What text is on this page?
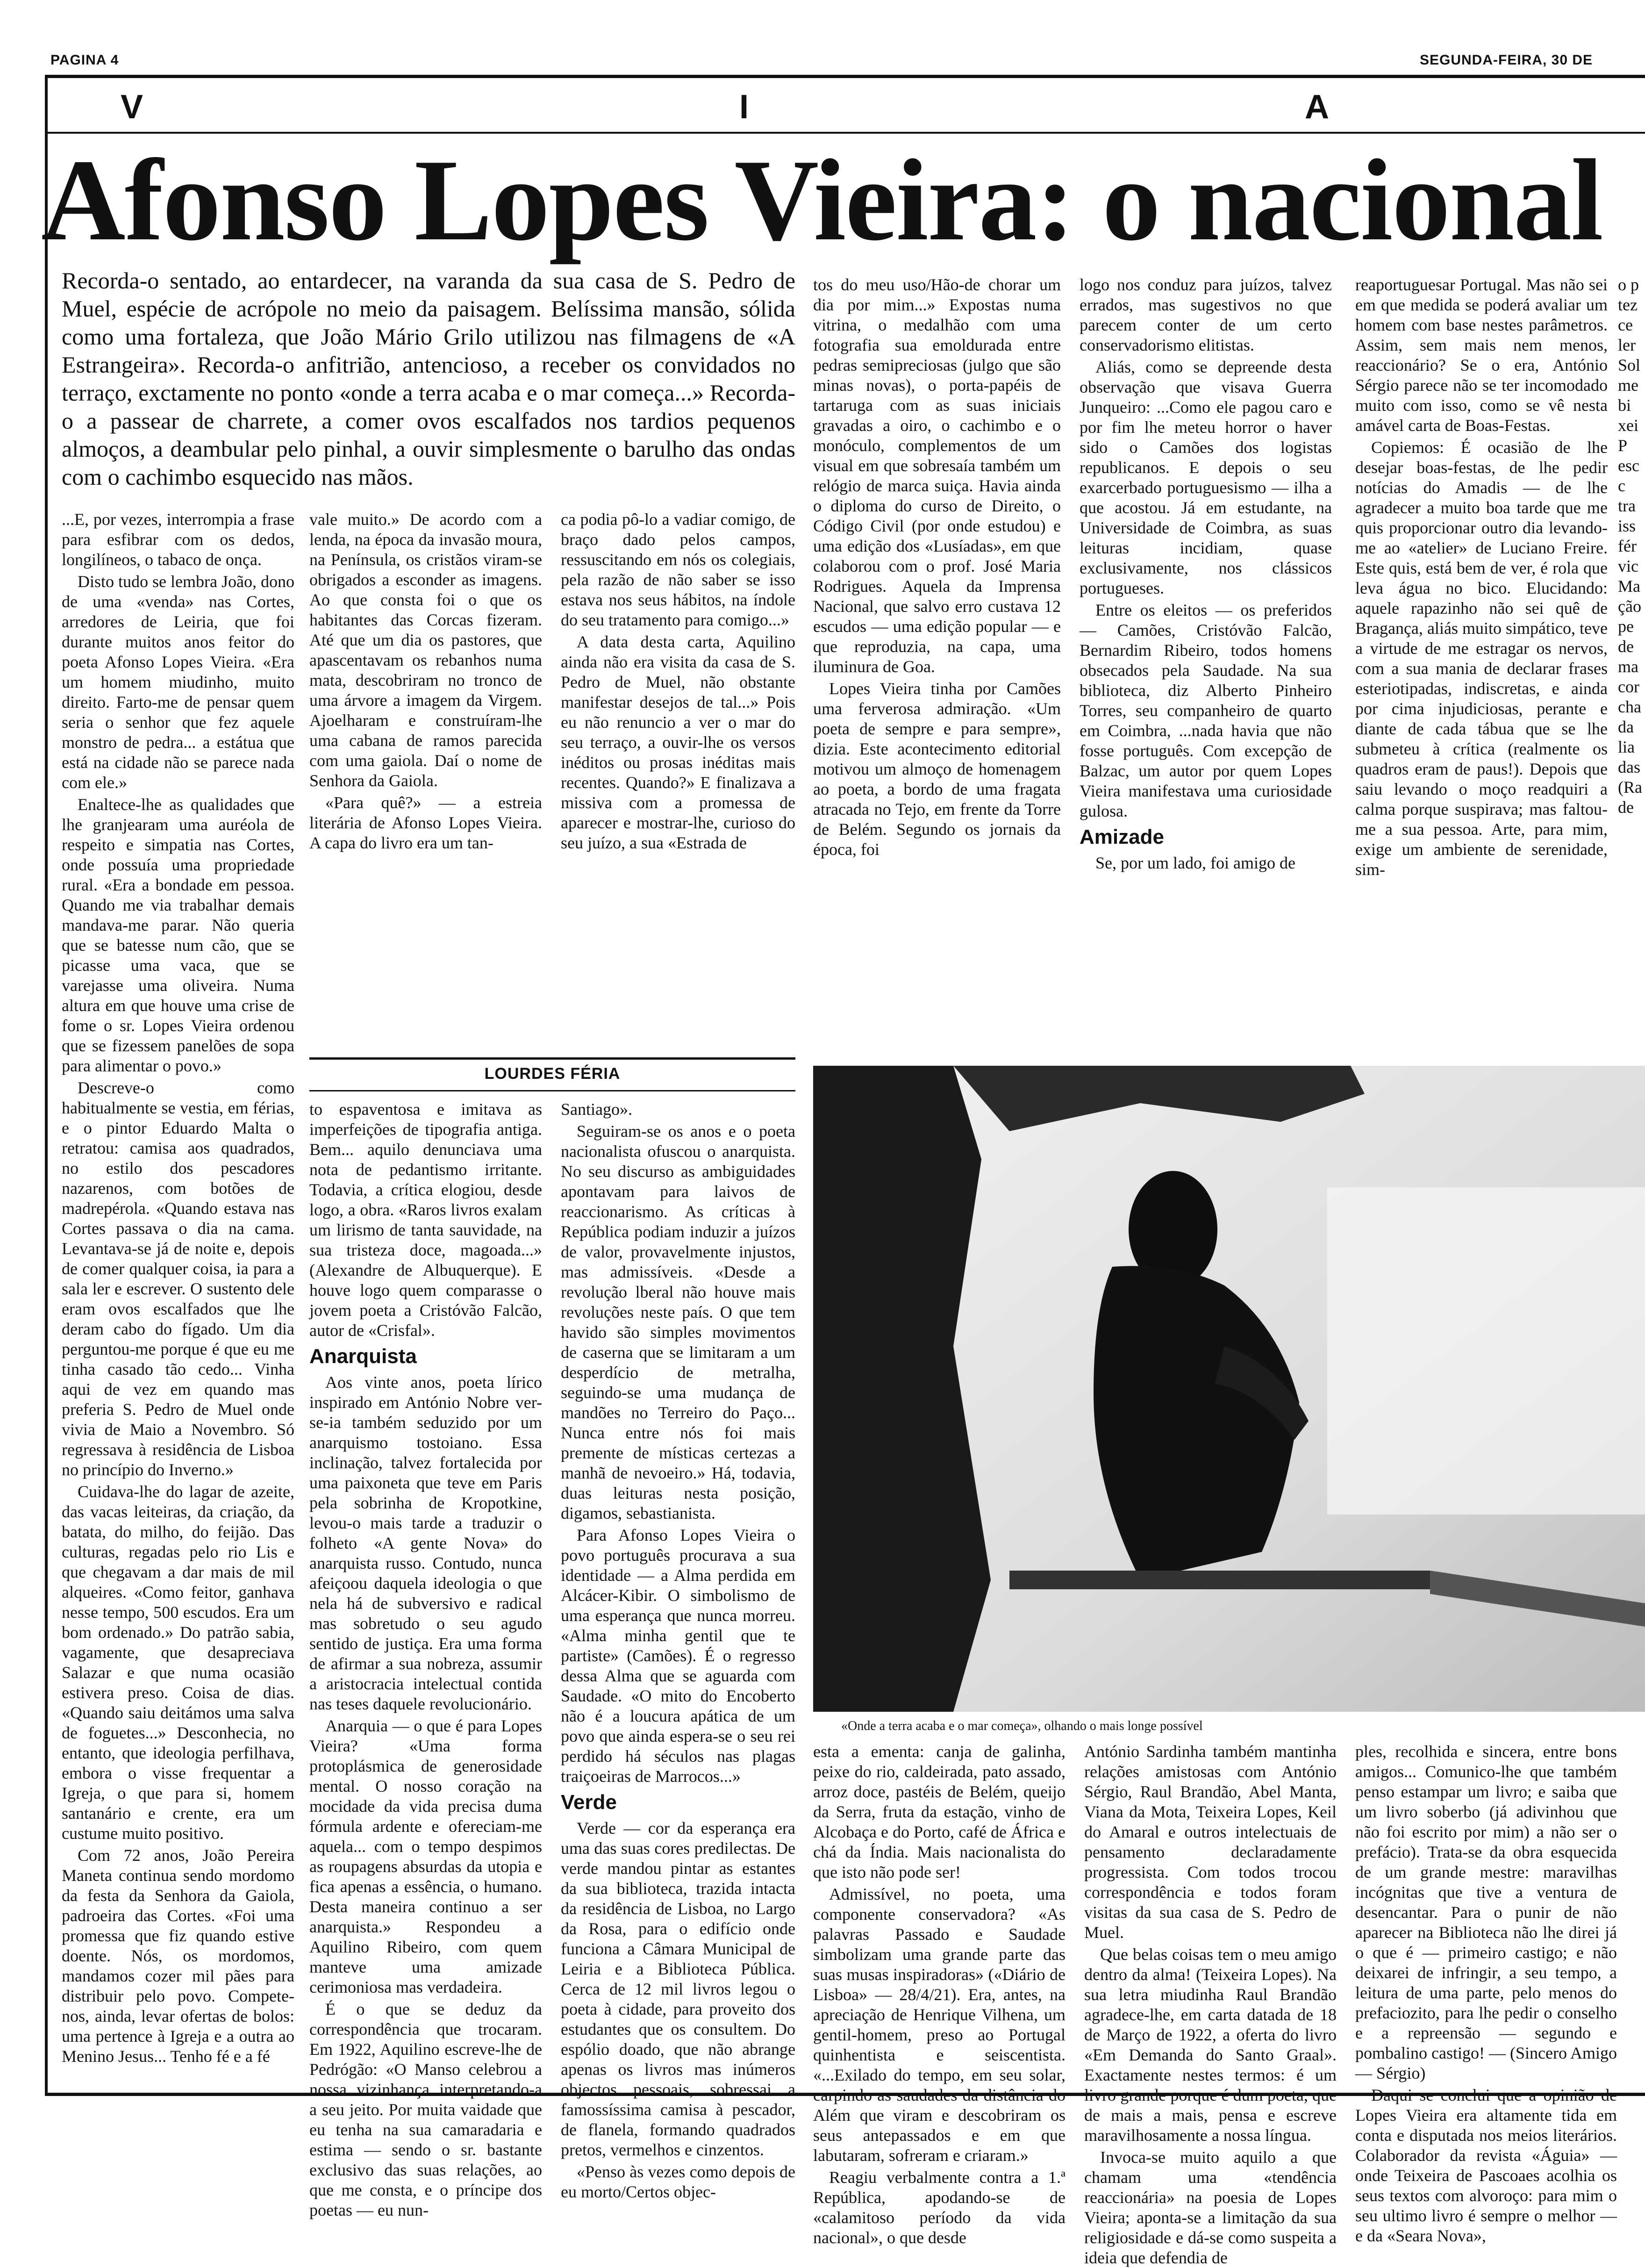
PAGINA 4	SEGUNDA-FEIRA, 30 DE
V	I	A
Afonso Lopes Vieira: o nacional
Recorda-o sentado, ao entardecer, na varanda da sua casa de S. Pedro de Muel, espécie de acrópole no meio da paisagem. Belíssima mansão, sólida como uma fortaleza, que João Mário Grilo utilizou nas filmagens de «A Estrangeira». Recorda-o anfitrião, antencioso, a receber os convidados no terraço, exctamente no ponto «onde a terra acaba e o mar começa...» Recorda-o a passear de charrete, a comer ovos escalfados nos tardios pequenos almoços, a deambular pelo pinhal, a ouvir simplesmente o barulho das ondas com o cachimbo esquecido nas mãos.
LOURDES FÉRIA

...E, por vezes, interrompia a frase para esfibrar com os dedos, longilíneos, o tabaco de onça.

Disto tudo se lembra João, dono de uma «venda» nas Cortes, arredores de Leiria, que foi durante muitos anos feitor do poeta Afonso Lopes Vieira. «Era um homem miudinho, muito direito. Farto-me de pensar quem seria o senhor que fez aquele monstro de pedra... a estátua que está na cidade não se parece nada com ele.»

Enaltece-lhe as qualidades que lhe granjearam uma auréola de respeito e simpatia nas Cortes, onde possuía uma propriedade rural. «Era a bondade em pessoa. Quando me via trabalhar demais mandava-me parar. Não queria que se batesse num cão, que se picasse uma vaca, que se varejasse uma oliveira. Numa altura em que houve uma crise de fome o sr. Lopes Vieira ordenou que se fizessem panelões de sopa para alimentar o povo.»

Descreve-o como habitualmente se vestia, em férias, e o pintor Eduardo Malta o retratou: camisa aos quadrados, no estilo dos pescadores nazarenos, com botões de madrepérola. «Quando estava nas Cortes passava o dia na cama. Levantava-se já de noite e, depois de comer qualquer coisa, ia para a sala ler e escrever. O sustento dele eram ovos escalfados que lhe deram cabo do fígado. Um dia perguntou-me porque é que eu me tinha casado tão cedo... Vinha aqui de vez em quando mas preferia S. Pedro de Muel onde vivia de Maio a Novembro. Só regressava à residência de Lisboa no princípio do Inverno.»

Cuidava-lhe do lagar de azeite, das vacas leiteiras, da criação, da batata, do milho, do feijão. Das culturas, regadas pelo rio Lis e que chegavam a dar mais de mil alqueires. «Como feitor, ganhava nesse tempo, 500 escudos. Era um bom ordenado.» Do patrão sabia, vagamente, que desapreciava Salazar e que numa ocasião estivera preso. Coisa de dias. «Quando saiu deitámos uma salva de foguetes...» Desconhecia, no entanto, que ideologia perfilhava, embora o visse frequentar a Igreja, o que para si, homem santanário e crente, era um custume muito positivo.

Com 72 anos, João Pereira Maneta continua sendo mordomo da festa da Senhora da Gaiola, padroeira das Cortes. «Foi uma promessa que fiz quando estive doente. Nós, os mordomos, mandamos cozer mil pães para distribuir pelo povo. Compete-nos, ainda, levar ofertas de bolos: uma pertence à Igreja e a outra ao Menino Jesus... Tenho fé e a fé

vale muito.» De acordo com a lenda, na época da invasão moura, na Península, os cristãos viram-se obrigados a esconder as imagens. Ao que consta foi o que os habitantes das Corcas fizeram. Até que um dia os pastores, que apascentavam os rebanhos numa mata, descobriram no tronco de uma árvore a imagem da Virgem. Ajoelharam e construíram-lhe uma cabana de ramos parecida com uma gaiola. Daí o nome de Senhora da Gaiola.

«Para quê?» — a estreia literária de Afonso Lopes Vieira. A capa do livro era um tan-

ca podia pô-lo a vadiar comigo, de braço dado pelos campos, ressuscitando em nós os colegiais, pela razão de não saber se isso estava nos seus hábitos, na índole do seu tratamento para comigo...»

A data desta carta, Aquilino ainda não era visita da casa de S. Pedro de Muel, não obstante manifestar desejos de tal...» Pois eu não renuncio a ver o mar do seu terraço, a ouvir-lhe os versos inéditos ou prosas inéditas mais recentes. Quando?» E finalizava a missiva com a promessa de aparecer e mostrar-lhe, curioso do seu juízo, a sua «Estrada de

to espaventosa e imitava as imperfeições de tipografia antiga. Bem... aquilo denunciava uma nota de pedantismo irritante. Todavia, a crítica elogiou, desde logo, a obra. «Raros livros exalam um lirismo de tanta sauvidade, na sua tristeza doce, magoada...» (Alexandre de Albuquerque). E houve logo quem comparasse o jovem poeta a Cristóvão Falcão, autor de «Crisfal».

Anarquista

Aos vinte anos, poeta lírico inspirado em António Nobre ver-se-ia também seduzido por um anarquismo tostoiano. Essa inclinação, talvez fortalecida por uma paixoneta que teve em Paris pela sobrinha de Kropotkine, levou-o mais tarde a traduzir o folheto «A gente Nova» do anarquista russo. Contudo, nunca afeiçoou daquela ideologia o que nela há de subversivo e radical mas sobretudo o seu agudo sentido de justiça. Era uma forma de afirmar a sua nobreza, assumir a aristocracia intelectual contida nas teses daquele revolucionário.

Anarquia — o que é para Lopes Vieira? «Uma forma protoplásmica de generosidade mental. O nosso coração na mocidade da vida precisa duma fórmula ardente e ofereciam-me aquela... com o tempo despimos as roupagens absurdas da utopia e fica apenas a essência, o humano. Desta maneira continuo a ser anarquista.» Respondeu a Aquilino Ribeiro, com quem manteve uma amizade cerimoniosa mas verdadeira.

É o que se deduz da correspondência que trocaram. Em 1922, Aquilino escreve-lhe de Pedrógão: «O Manso celebrou a nossa vizinhança interpretando-a a seu jeito. Por muita vaidade que eu tenha na sua camaradaria e estima — sendo o sr. bastante exclusivo das suas relações, ao que me consta, e o príncipe dos poetas — eu nun-

Santiago».

Seguiram-se os anos e o poeta nacionalista ofuscou o anarquista. No seu discurso as ambiguidades apontavam para laivos de reaccionarismo. As críticas à República podiam induzir a juízos de valor, provavelmente injustos, mas admissíveis. «Desde a revolução lberal não houve mais revoluções neste país. O que tem havido são simples movimentos de caserna que se limitaram a um desperdício de metralha, seguindo-se uma mudança de mandões no Terreiro do Paço... Nunca entre nós foi mais premente de místicas certezas a manhã de nevoeiro.» Há, todavia, duas leituras nesta posição, digamos, sebastianista.

Para Afonso Lopes Vieira o povo português procurava a sua identidade — a Alma perdida em Alcácer-Kibir. O simbolismo de uma esperança que nunca morreu. «Alma minha gentil que te partiste» (Camões). É o regresso dessa Alma que se aguarda com Saudade. «O mito do Encoberto não é a loucura apática de um povo que ainda espera-se o seu rei perdido há séculos nas plagas traiçoeiras de Marrocos...»

Verde

Verde — cor da esperança era uma das suas cores predilectas. De verde mandou pintar as estantes da sua biblioteca, trazida intacta da residência de Lisboa, no Largo da Rosa, para o edifício onde funciona a Câmara Municipal de Leiria e a Biblioteca Pública. Cerca de 12 mil livros legou o poeta à cidade, para proveito dos estudantes que os consultem. Do espólio doado, que não abrange apenas os livros mas inúmeros objectos pessoais, sobressai a famossíssima camisa à pescador, de flanela, formando quadrados pretos, vermelhos e cinzentos.

«Penso às vezes como depois de eu morto/Certos objec-

tos do meu uso/Hão-de chorar um dia por mim...» Expostas numa vitrina, o medalhão com uma fotografia sua emoldurada entre pedras semipreciosas (julgo que são minas novas), o porta-papéis de tartaruga com as suas iniciais gravadas a oiro, o cachimbo e o monóculo, complementos de um visual em que sobresaía também um relógio de marca suiça. Havia ainda o diploma do curso de Direito, o Código Civil (por onde estudou) e uma edição dos «Lusíadas», em que colaborou com o prof. José Maria Rodrigues. Aquela da Imprensa Nacional, que salvo erro custava 12 escudos — uma edição popular — e que reproduzia, na capa, uma iluminura de Goa.

Lopes Vieira tinha por Camões uma ferverosa admiração. «Um poeta de sempre e para sempre», dizia. Este acontecimento editorial motivou um almoço de homenagem ao poeta, a bordo de uma fragata atracada no Tejo, em frente da Torre de Belém. Segundo os jornais da época, foi

logo nos conduz para juízos, talvez errados, mas sugestivos no que parecem conter de um certo conservadorismo elitistas.

Aliás, como se depreende desta observação que visava Guerra Junqueiro: ...Como ele pagou caro e por fim lhe meteu horror o haver sido o Camões dos logistas republicanos. E depois o seu exarcerbado portuguesismo — ilha a que acostou. Já em estudante, na Universidade de Coimbra, as suas leituras incidiam, quase exclusivamente, nos clássicos portugueses.

Entre os eleitos — os preferidos — Camões, Cristóvão Falcão, Bernardim Ribeiro, todos homens obsecados pela Saudade. Na sua biblioteca, diz Alberto Pinheiro Torres, seu companheiro de quarto em Coimbra, ...nada havia que não fosse português. Com excepção de Balzac, um autor por quem Lopes Vieira manifestava uma curiosidade gulosa.

Amizade

Se, por um lado, foi amigo de

reaportuguesar Portugal. Mas não sei em que medida se poderá avaliar um homem com base nestes parâmetros. Assim, sem mais nem menos, reaccionário? Se o era, António Sérgio parece não se ter incomodado muito com isso, como se vê nesta amável carta de Boas-Festas.

Copiemos: É ocasião de lhe desejar boas-festas, de lhe pedir notícias do Amadis — de lhe agradecer a muito boa tarde que me quis proporcionar outro dia levando-me ao «atelier» de Luciano Freire. Este quis, está bem de ver, é rola que leva água no bico. Elucidando: aquele rapazinho não sei quê de Bragança, aliás muito simpático, teve a virtude de me estragar os nervos, com a sua mania de declarar frases esteriotipadas, indiscretas, e ainda por cima injudiciosas, perante e diante de cada tábua que se lhe submeteu à crítica (realmente os quadros eram de paus!). Depois que saiu levando o moço readquiri a calma porque suspirava; mas faltou-me a sua pessoa. Arte, para mim, exige um ambiente de serenidade, sim-

o p
tez
ce
ler
Sol
me
bi
xei
P
esc
c
tra
iss
fér
vic
Ma
ção
pe
de
ma
cor
cha
da
lia
das
(Ra
de
«Onde a terra acaba e o mar começa», olhando o mais longe possível

esta a ementa: canja de galinha, peixe do rio, caldeirada, pato assado, arroz doce, pastéis de Belém, queijo da Serra, fruta da estação, vinho de Alcobaça e do Porto, café de África e chá da Índia. Mais nacionalista do que isto não pode ser!

Admissível, no poeta, uma componente conservadora? «As palavras Passado e Saudade simbolizam uma grande parte das suas musas inspiradoras» («Diário de Lisboa» — 28/4/21). Era, antes, na apreciação de Henrique Vilhena, um gentil-homem, preso ao Portugal quinhentista e seiscentista. «...Exilado do tempo, em seu solar, carpindo as saudades da distância do Além que viram e descobriram os seus antepassados e em que labutaram, sofreram e criaram.»

Reagiu verbalmente contra a 1.ª República, apodando-se de «calamitoso período da vida nacional», o que desde

António Sardinha também mantinha relações amistosas com António Sérgio, Raul Brandão, Abel Manta, Viana da Mota, Teixeira Lopes, Keil do Amaral e outros intelectuais de pensamento declaradamente progressista. Com todos trocou correspondência e todos foram visitas da sua casa de S. Pedro de Muel.

Que belas coisas tem o meu amigo dentro da alma! (Teixeira Lopes). Na sua letra miudinha Raul Brandão agradece-lhe, em carta datada de 18 de Março de 1922, a oferta do livro «Em Demanda do Santo Graal». Exactamente nestes termos: é um livro grande porque é dum poeta, que de mais a mais, pensa e escreve maravilhosamente a nossa língua.

Invoca-se muito aquilo a que chamam uma «tendência reaccionária» na poesia de Lopes Vieira; aponta-se a limitação da sua religiosidade e dá-se como suspeita a ideia que defendia de

ples, recolhida e sincera, entre bons amigos... Comunico-lhe que também penso estampar um livro; e saiba que um livro soberbo (já adivinhou que não foi escrito por mim) a não ser o prefácio). Trata-se da obra esquecida de um grande mestre: maravilhas incógnitas que tive a ventura de desencantar. Para o punir de não aparecer na Biblioteca não lhe direi já o que é — primeiro castigo; e não deixarei de infringir, a seu tempo, a leitura de uma parte, pelo menos do prefaciozito, para lhe pedir o conselho e a repreensão — segundo e pombalino castigo! — (Sincero Amigo — Sérgio)

Daqui se conclui que a opinião de Lopes Vieira era altamente tida em conta e disputada nos meios literários. Colaborador da revista «Águia» — onde Teixeira de Pascoaes acolhia os seus textos com alvoroço: para mim o seu ultimo livro é sempre o melhor — e da «Seara Nova»,
